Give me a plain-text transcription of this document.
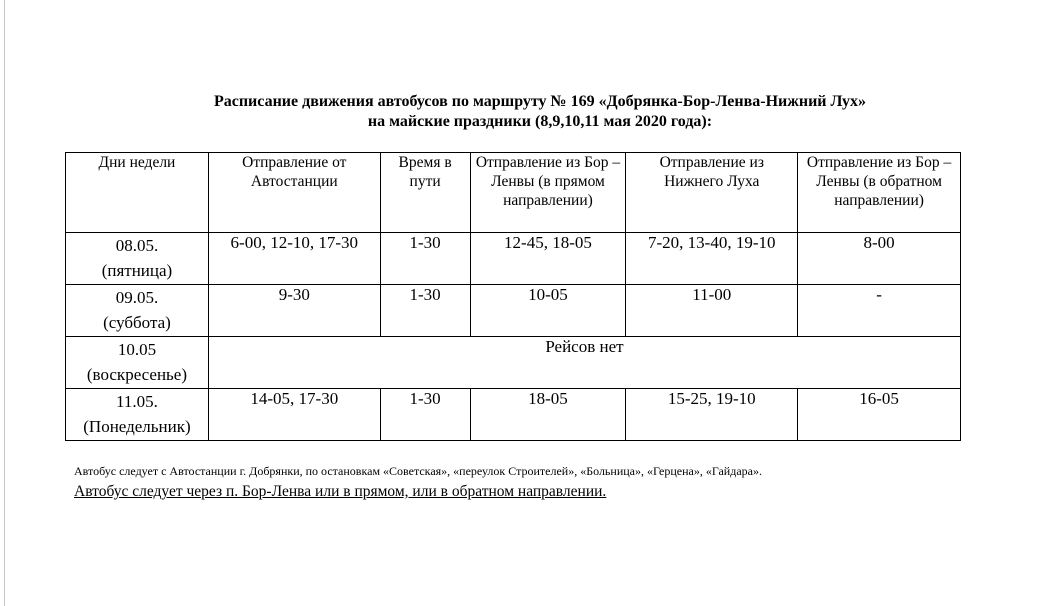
Расписание движения автобусов по маршруту № 169 «Добрянка-Бор-Ленва-Нижний Лух»
на майские праздники (8,9,10,11 мая 2020 года):
Дни недели	Отправление от Автостанции	Время в пути	Отправление из Бор – Ленвы (в прямом направлении)	Отправление из Нижнего Луха	Отправление из Бор – Ленвы (в обратном направлении)

08.05.
(пятница)	6-00, 12-10, 17-30	1-30	12-45, 18-05	7-20, 13-40, 19-10	8-00

09.05.
(суббота)	9-30	1-30	10-05	11-00	-

10.05
(воскресенье)	Рейсов нет				

11.05.
(Понедельник)	14-05, 17-30	1-30	18-05	15-25, 19-10	16-05
Автобус следует с Автостанции г. Добрянки, по остановкам «Советская», «переулок Строителей», «Больница», «Герцена», «Гайдара».
Автобус следует через п. Бор-Ленва или в прямом, или в обратном направлении.
